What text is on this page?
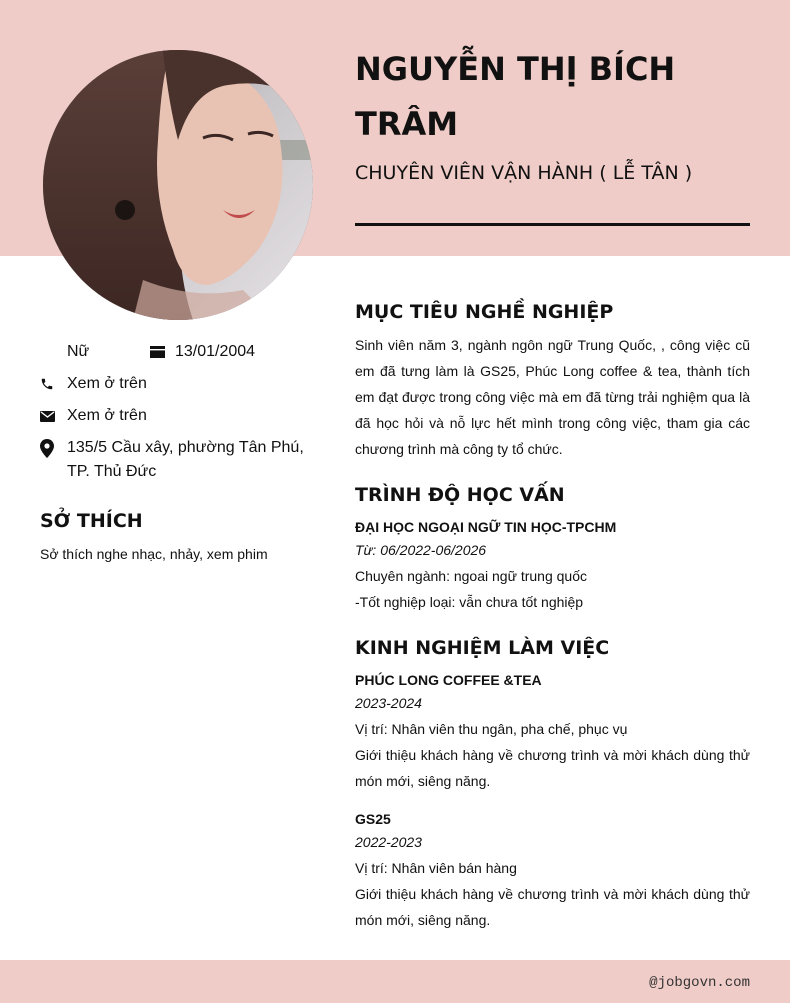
NGUYỄN THỊ BÍCH
TRÂM
CHUYÊN VIÊN VẬN HÀNH ( LỄ TÂN )
Nữ	13/01/2004
Xem ở trên
Xem ở trên
135/5 Cầu xây, phường Tân Phú, TP. Thủ Đức
SỞ THÍCH
Sở thích nghe nhạc, nhảy, xem phim
MỤC TIÊU NGHỀ NGHIỆP
Sinh viên năm 3, ngành ngôn ngữ Trung Quốc, , công việc cũ em đã tưng làm là GS25, Phúc Long coffee & tea, thành tích em đạt được trong công việc mà em đã từng trải nghiệm qua là đã học hỏi và nỗ lực hết mình trong công việc, tham gia các chương trình mà công ty tổ chức.
TRÌNH ĐỘ HỌC VẤN
ĐẠI HỌC NGOẠI NGỮ TIN HỌC-TPCHM
Từ: 06/2022-06/2026
Chuyên ngành: ngoai ngữ trung quốc
-Tốt nghiệp loại: vẫn chưa tốt nghiệp
KINH NGHIỆM LÀM VIỆC
PHÚC LONG COFFEE &TEA
2023-2024
Vị trí: Nhân viên thu ngân, pha chế, phục vụ
Giới thiệu khách hàng về chương trình và mời khách dùng thử món mới, siêng năng.
GS25
2022-2023
Vị trí: Nhân viên bán hàng
Giới thiệu khách hàng về chương trình và mời khách dùng thử món mới, siêng năng.
@jobgovn.com
